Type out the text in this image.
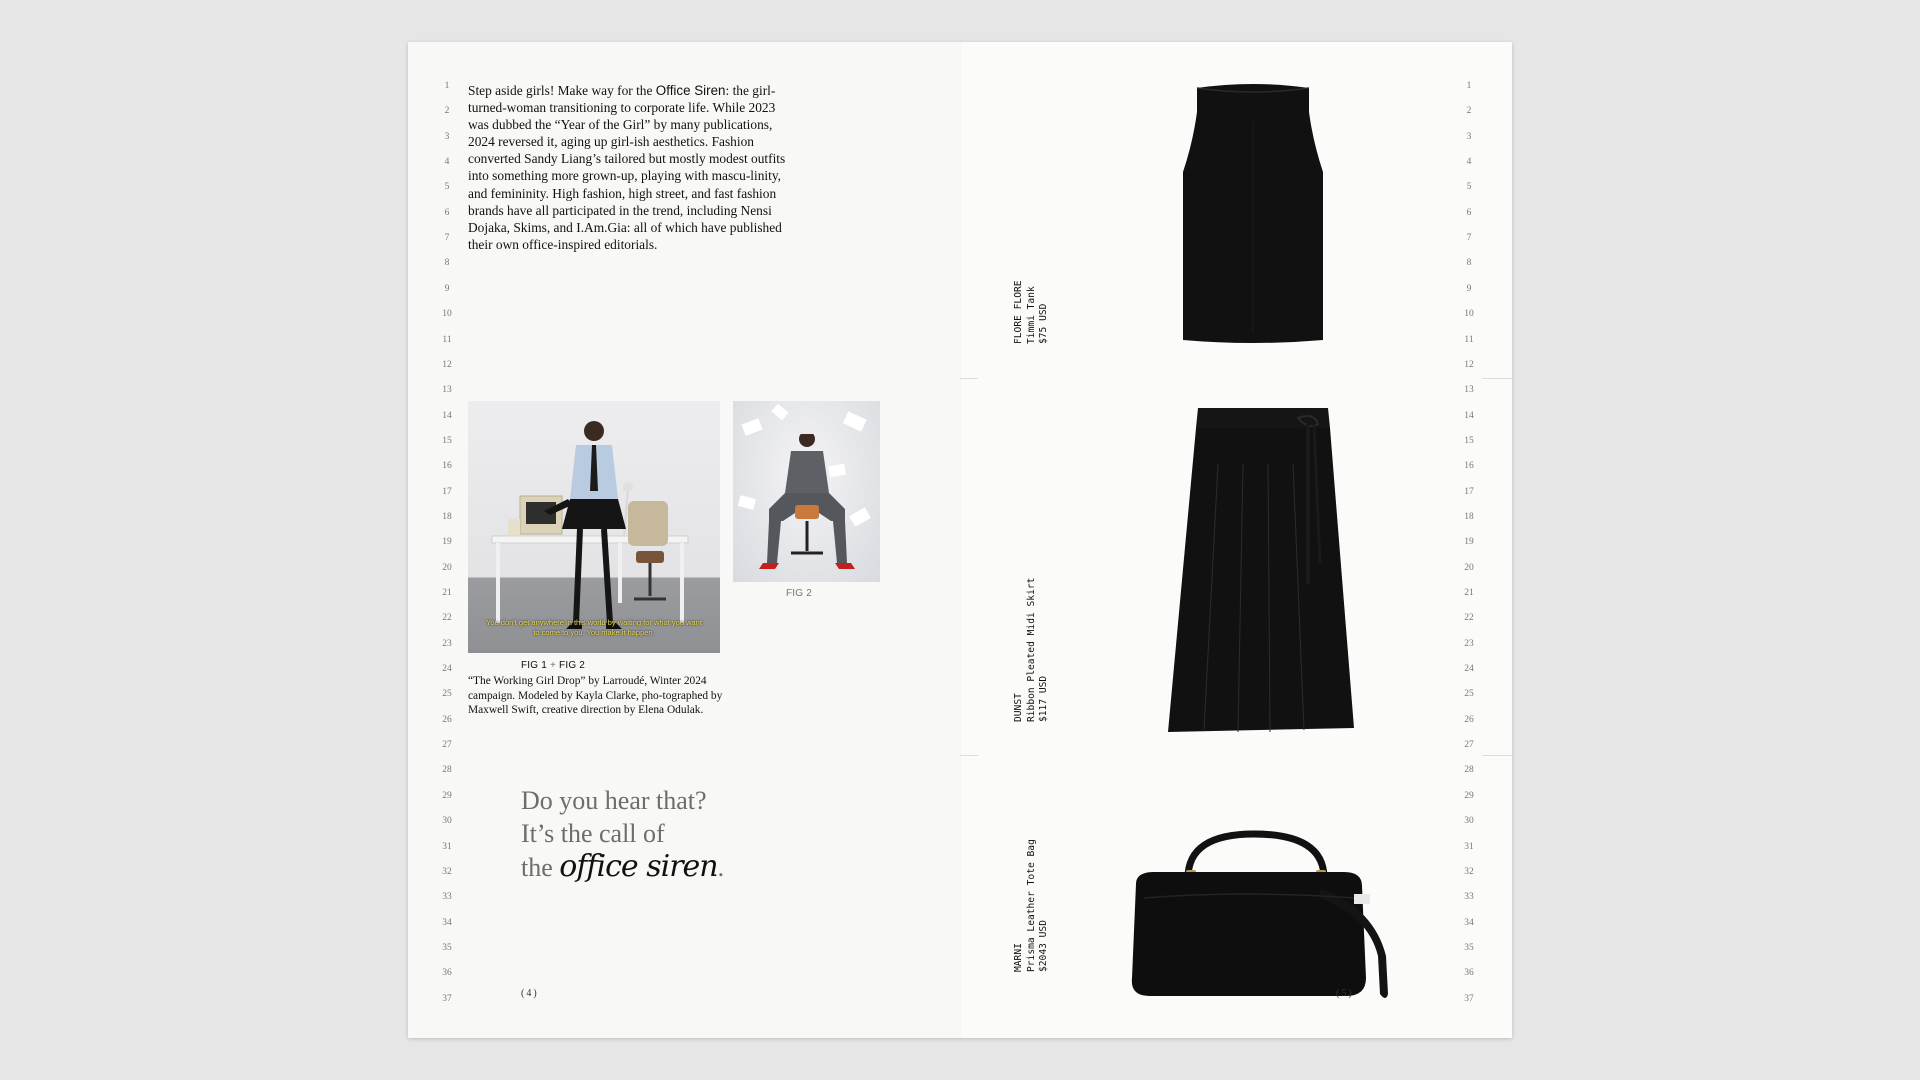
1
2
3
4
5
6
7
8
9
10
11
12
13
14
15
16
17
18
19
20
21
22
23
24
25
26
27
28
29
30
31
32
33
34
35
36
37
1
2
3
4
5
6
7
8
9
10
11
12
13
14
15
16
17
18
19
20
21
22
23
24
25
26
27
28
29
30
31
32
33
34
35
36
37

Step aside girls! Make way for the Office Siren: the girl-turned-woman transitioning to corporate life. While 2023 was dubbed the “Year of the Girl” by many publications, 2024 reversed it, aging up girl-ish aesthetics. Fashion converted Sandy Liang’s tailored but mostly modest outfits into something more grown-up, playing with mascu-linity, and femininity. High fashion, high street, and fast fashion brands have all participated in the trend, including Nensi Dojaka, Skims, and I.Am.Gia: all of which have published their own office-inspired editorials.

You don't get anywhere in this world by waiting for what you want to come to you. You make it happen.
FIG 2
FIG 1 + FIG 2

“The Working Girl Drop” by Larroudé, Winter 2024 campaign. Modeled by Kayla Clarke, pho-tographed by Maxwell Swift, creative direction by Elena Odulak.

Do you hear that?
It’s the call of
the office siren.

(4)
FLORE FLORE Timmi Tank $75 USD
DUNST Ribbon Pleated Midi Skirt $117 USD
MARNI Prisma Leather Tote Bag $2043 USD
(5)
